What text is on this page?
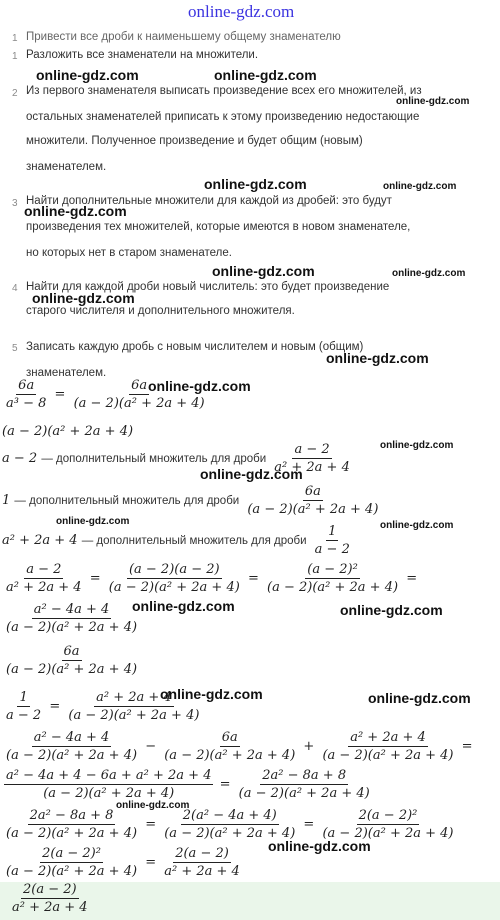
online-gdz.com
1 Привести все дроби к наименьшему общему знаменателю
1 Разложить все знаменатели на множители.
2 Из первого знаменателя выписать произведение всех его множителей, из
остальных знаменателей приписать к этому произведению недостающие
множители. Полученное произведение и будет общим (новым)
знаменателем.
3 Найти дополнительные множители для каждой из дробей: это будут
произведения тех множителей, которые имеются в новом знаменателе,
но которых нет в старом знаменателе.
4 Найти для каждой дроби новый числитель: это будет произведение
старого числителя и дополнительного множителя.
5 Записать каждую дробь с новым числителем и новым (общим)
знаменателем.
$\frac{6a}{\text{a³ − 8}} = \frac{6a}{\text{(a − 2)(a² + 2a + 4)}}$
(a − 2)(a² + 2a + 4)
a − 2 — дополнительный множитель для дроби $\frac{a - 2}{\text{a² + 2a + 4}}$
1 — дополнительный множитель для дроби $\frac{6a}{\text{(a − 2)(a² + 2a + 4)}}$
a² + 2a + 4 — дополнительный множитель для дроби $\frac{1}{a - 2}$
$\frac{a - 2}{\text{a² + 2a + 4}} = \frac{(a - 2)(a - 2)}{\text{(a − 2)(a² + 2a + 4)}} = \frac{\text{(a − 2)²}}{\text{(a − 2)(a² + 2a + 4)}}$ =
$\frac{\text{a² − 4a + 4}}{\text{(a − 2)(a² + 2a + 4)}}$
$\frac{6a}{\text{(a − 2)(a² + 2a + 4)}}$
$\frac{1}{a - 2} = \frac{\text{a² + 2a + 4}}{\text{(a − 2)(a² + 2a + 4)}}$
$\frac{\text{a² − 4a + 4}}{\text{(a − 2)(a² + 2a + 4)}} - \frac{6a}{\text{(a − 2)(a² + 2a + 4)}} + \frac{\text{a² + 2a + 4}}{\text{(a − 2)(a² + 2a + 4)}}$ =
$\frac{\text{a² − 4a + 4 − 6a + a² + 2a + 4}}{\text{(a − 2)(a² + 2a + 4)}} = \frac{\text{2a² − 8a + 8}}{\text{(a − 2)(a² + 2a + 4)}}$
$\frac{\text{2a² − 8a + 8}}{\text{(a − 2)(a² + 2a + 4)}} = \frac{\text{2(a² − 4a + 4)}}{\text{(a − 2)(a² + 2a + 4)}} = \frac{\text{2(a − 2)²}}{\text{(a − 2)(a² + 2a + 4)}}$
$\frac{\text{2(a − 2)²}}{\text{(a − 2)(a² + 2a + 4)}} = \frac{2(a - 2)}{\text{a² + 2a + 4}}$
$\frac{2(a - 2)}{\text{a² + 2a + 4}}$
online-gdz.com	online-gdz.com
online-gdz.com
online-gdz.com	online-gdz.com
online-gdz.com
online-gdz.com	online-gdz.com
online-gdz.com
online-gdz.com
online-gdz.com
online-gdz.com
online-gdz.com
online-gdz.com	online-gdz.com
online-gdz.com	online-gdz.com
online-gdz.com	online-gdz.com
online-gdz.com
online-gdz.com
